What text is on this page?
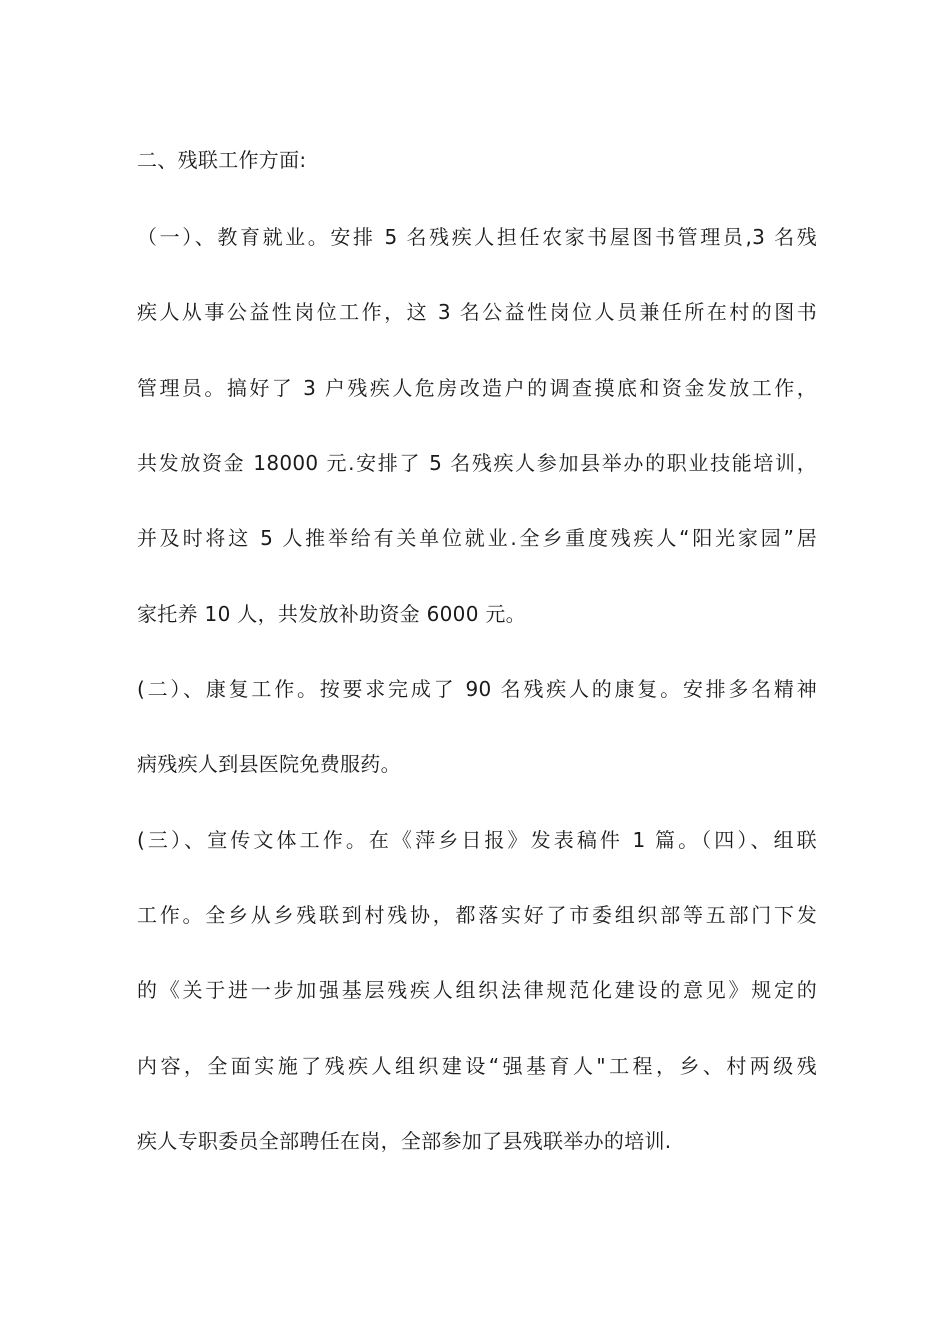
二、残联工作方面:
（一）、教育就业。安排 5 名残疾人担任农家书屋图书管理员,3 名残
疾人从事公益性岗位工作，这 3 名公益性岗位人员兼任所在村的图书
管理员。搞好了 3 户残疾人危房改造户的调查摸底和资金发放工作，
共发放资金 18000 元.安排了 5 名残疾人参加县举办的职业技能培训，
并及时将这 5 人推举给有关单位就业.全乡重度残疾人“阳光家园”居
家托养 10 人，共发放补助资金 6000 元。
(二）、康复工作。按要求完成了 90 名残疾人的康复。安排多名精神
病残疾人到县医院免费服药。
(三）、宣传文体工作。在《萍乡日报》发表稿件 1 篇。（四）、组联
工作。全乡从乡残联到村残协，都落实好了市委组织部等五部门下发
的《关于进一步加强基层残疾人组织法律规范化建设的意见》规定的
内容，全面实施了残疾人组织建设“强基育人"工程，乡、村两级残
疾人专职委员全部聘任在岗，全部参加了县残联举办的培训.
